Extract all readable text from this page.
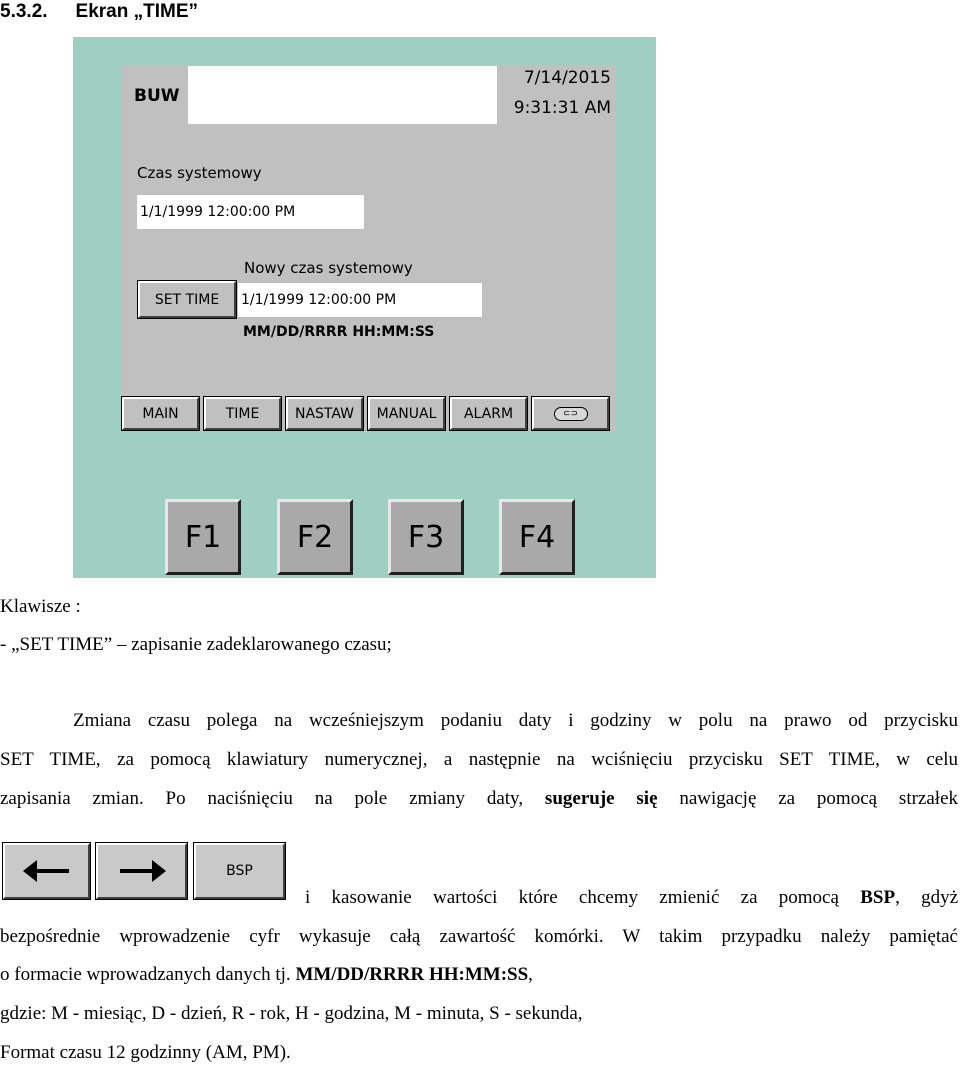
5.3.2. Ekran „TIME”
BUW
7/14/2015
9:31:31 AM
Czas systemowy
1/1/1999 12:00:00 PM
Nowy czas systemowy
SET TIME	1/1/1999 12:00:00 PM
MM/DD/RRRR HH:MM:SS
MAIN	TIME	NASTAW	MANUAL	ALARM	⊂⊃
F1	F2	F3	F4
Klawisze :
- „SET TIME” – zapisanie zadeklarowanego czasu;
Zmiana czasu polega na wcześniejszym podaniu daty i godziny w polu na prawo od przycisku
SET TIME, za pomocą klawiatury numerycznej, a następnie na wciśnięciu przycisku SET TIME, w celu
zapisania zmian. Po naciśnięciu na pole zmiany daty, sugeruje się nawigację za pomocą strzałek
BSP
i kasowanie wartości które chcemy zmienić za pomocą BSP, gdyż
bezpośrednie wprowadzenie cyfr wykasuje całą zawartość komórki. W takim przypadku należy pamiętać
o formacie wprowadzanych danych tj. MM/DD/RRRR HH:MM:SS,
gdzie: M - miesiąc, D - dzień, R - rok, H - godzina, M - minuta, S - sekunda,
Format czasu 12 godzinny (AM, PM).
